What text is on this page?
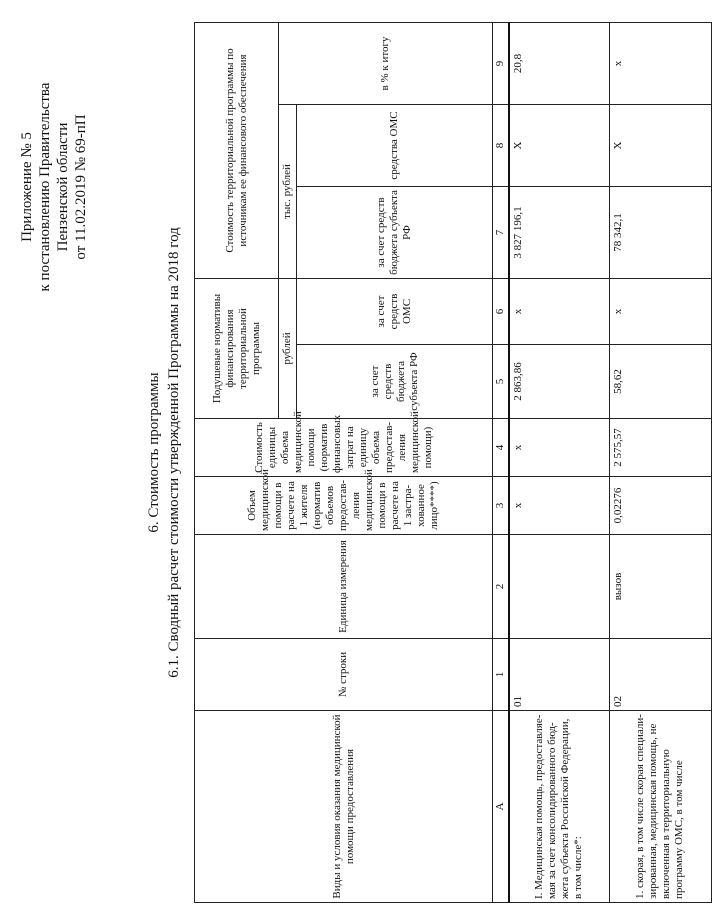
Приложение № 5 к постановлению Правительства Пензенской области от 11.02.2019 № 69-пП
6. Стоимость программы 6.1. Сводный расчет стоимости утвержденной Программы на 2018 год
Виды и условия оказания медицинской помощи предоставления	№ строки	Единица измерения	Объем медицинской помощи в расчете на 1 жителя (норматив объемов предостав-ления медицинской помощи в расчете на 1 застра-хованное лицо****)	Стоимость единицы объема медицинской помощи (норматив финансовых затрат на единицу объема предостав-ления медицинской помощи)	Подушевые нормативы финансирования территориальной программы		Стоимость территориальной программы по источникам ее финансового обеспечения		
					рублей		тыс. рублей		в % к итогу
					за счет средств бюджета субъекта РФ	за счет средств ОМС	за счет средств бюджета субъекта РФ	средства ОМС	
A	1	2	3	4	5	6	7	8	9
I. Медицинская помощь, предоставляе-мая за счет консолидированного бюд-жета субъекта Российской Федерации, в том числе*:	01		х	х	2 863,86	х	3 827 196,1	Х	20,8
1. скорая, в том числе скорая специали-зированная, медицинская помощь, не включенная в территориальную программу ОМС, в том числе	02	вызов	0,02276	2 575,57	58,62	х	78 342,1	Х	х
